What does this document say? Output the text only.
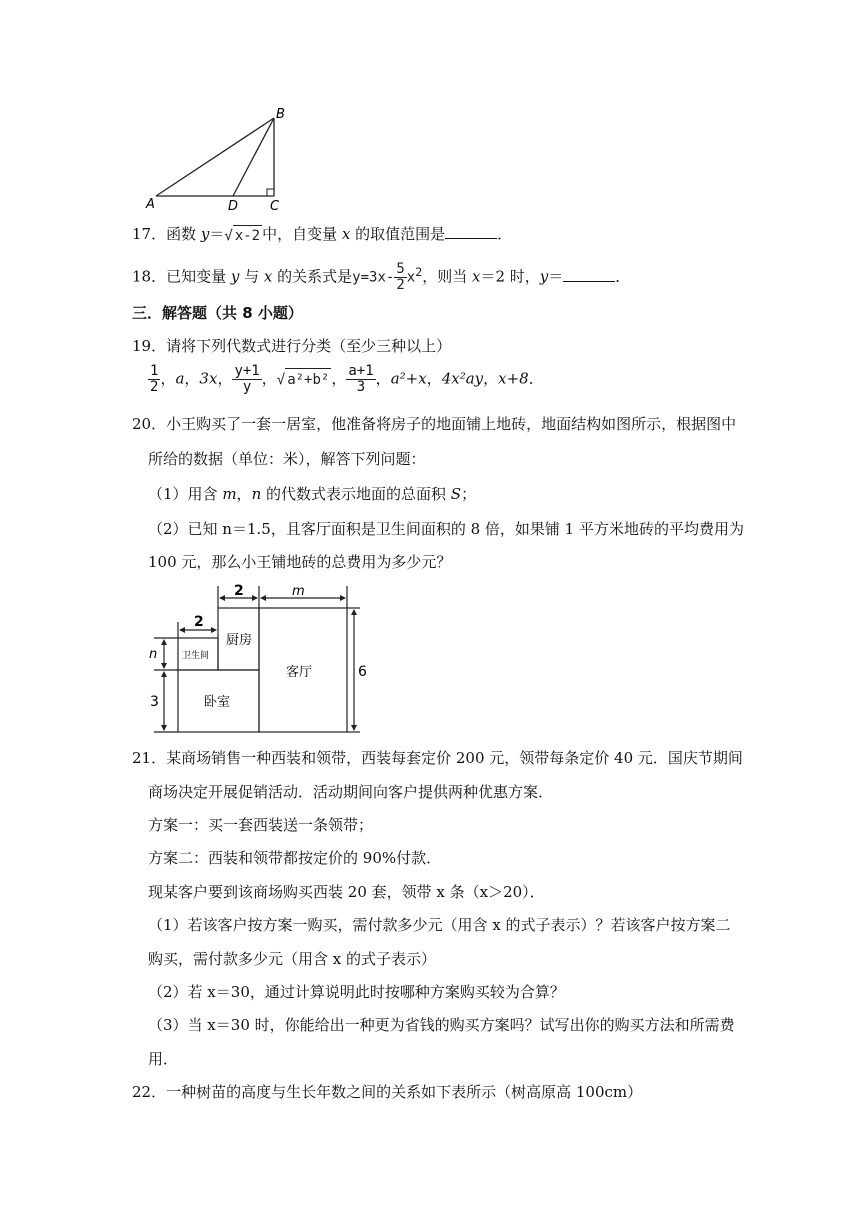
A
B
C
D
17．函数 y＝√ x-2 中，自变量 x 的取值范围是	．
18．已知变量 y 与 x 的关系式是$y=3x- \frac{5}{2} x^2$，则当 x＝2 时，y＝	．
三．解答题（共 8 小题）
19．请将下列代数式进行分类（至少三种以上）
$\frac{1}{2}$ ，a，3x， $\frac{y+1}{y}$ ，√ a²+b² ， $\frac{a+1}{3}$ ，a²+x，4x²ay，x+8．
20．小王购买了一套一居室，他准备将房子的地面铺上地砖，地面结构如图所示，根据图中
所给的数据（单位：米），解答下列问题：
（1）用含 m，n 的代数式表示地面的总面积 S；
（2）已知 n＝1.5，且客厅面积是卫生间面积的 8 倍，如果铺 1 平方米地砖的平均费用为
100 元，那么小王铺地砖的总费用为多少元？
2	m
2
n
3
6
卫生间
厨房
客厅
卧室
21．某商场销售一种西装和领带，西装每套定价 200 元，领带每条定价 40 元．国庆节期间
商场决定开展促销活动．活动期间向客户提供两种优惠方案．
方案一：买一套西装送一条领带；
方案二：西装和领带都按定价的 90%付款．
现某客户要到该商场购买西装 20 套，领带 x 条（x＞20）．
（1）若该客户按方案一购买，需付款多少元（用含 x 的式子表示）？若该客户按方案二
购买，需付款多少元（用含 x 的式子表示）
（2）若 x＝30，通过计算说明此时按哪种方案购买较为合算？
（3）当 x＝30 时，你能给出一种更为省钱的购买方案吗？试写出你的购买方法和所需费
用．
22．一种树苗的高度与生长年数之间的关系如下表所示（树高原高 100cm）
